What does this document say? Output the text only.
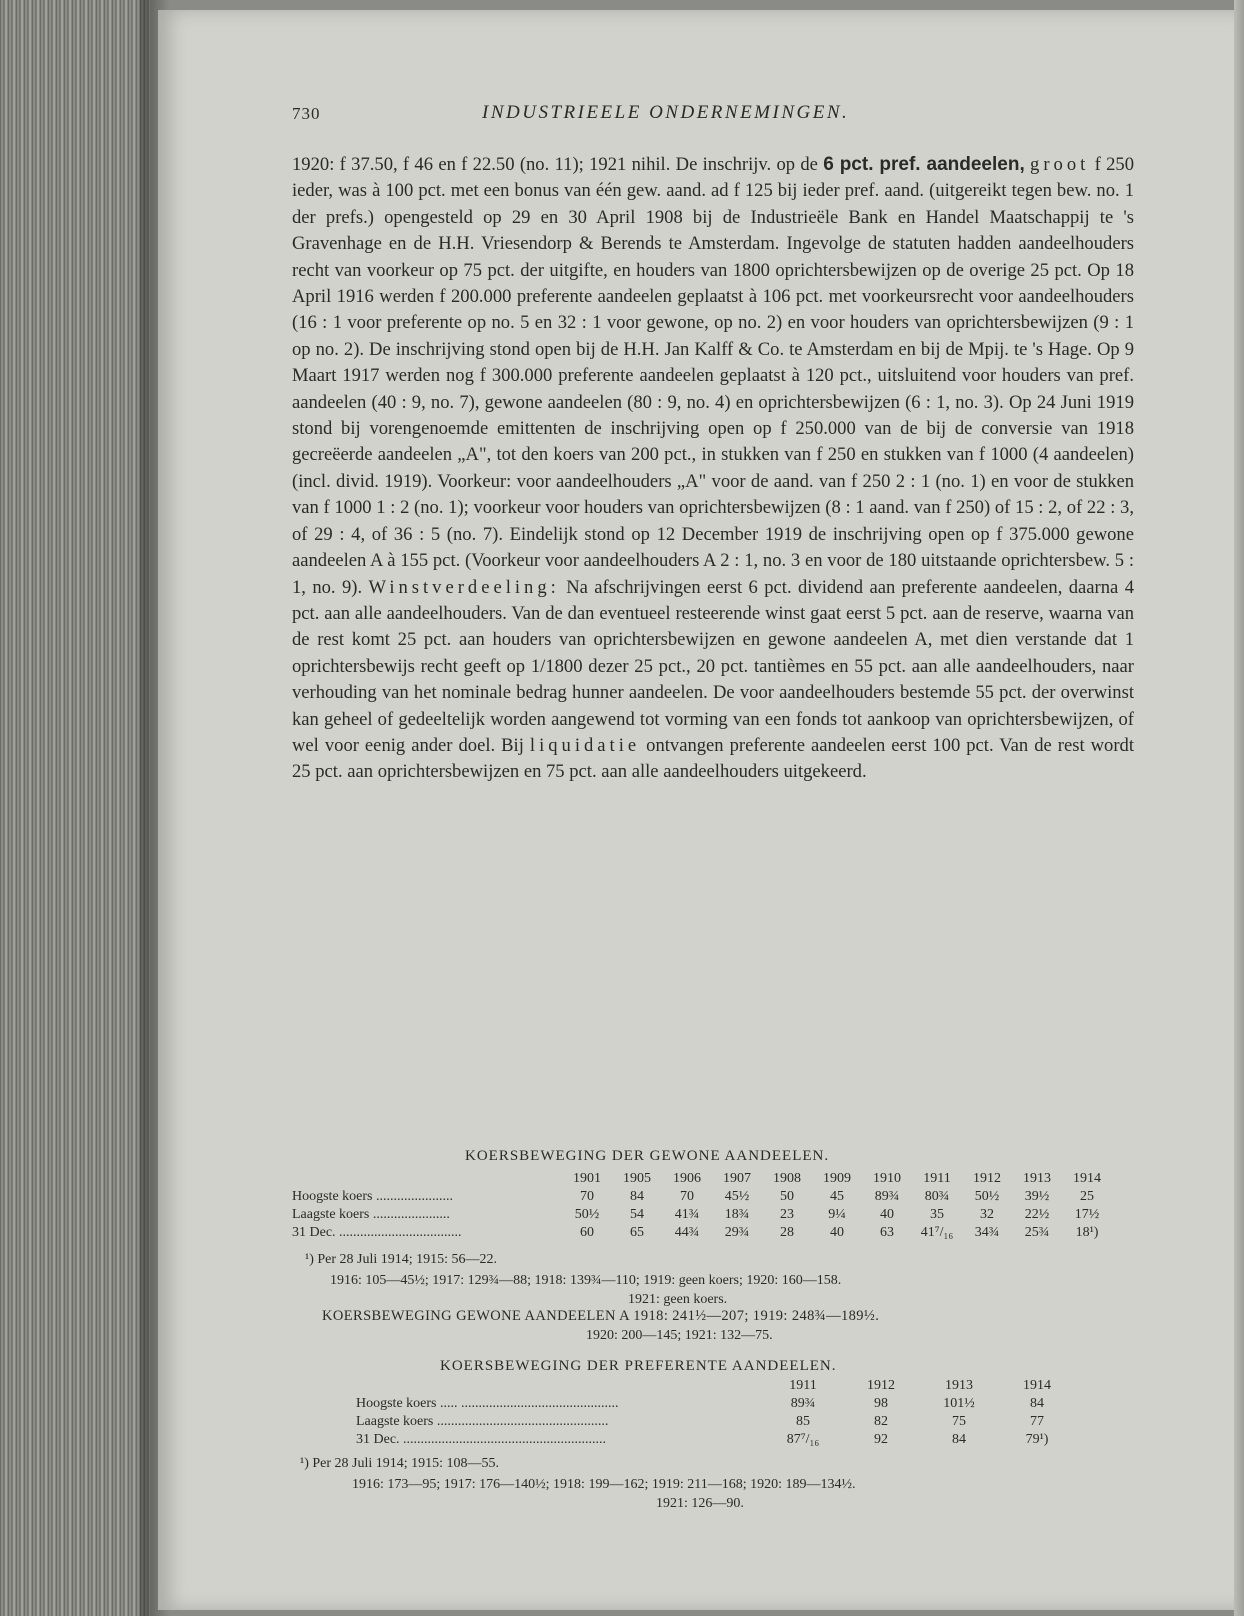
730	INDUSTRIEELE ONDERNEMINGEN.

1920: f 37.50, f 46 en f 22.50 (no. 11); 1921 nihil. De inschrijv. op de 6 pct. pref. aandeelen, groot f 250 ieder, was à 100 pct. met een bonus van één gew. aand. ad f 125 bij ieder pref. aand. (uitgereikt tegen bew. no. 1 der prefs.) opengesteld op 29 en 30 April 1908 bij de Industrieële Bank en Handel Maatschappij te 's Gravenhage en de H.H. Vriesendorp & Berends te Amsterdam. Ingevolge de statuten hadden aandeelhouders recht van voorkeur op 75 pct. der uitgifte, en houders van 1800 oprichtersbewijzen op de overige 25 pct. Op 18 April 1916 werden f 200.000 preferente aandeelen geplaatst à 106 pct. met voorkeursrecht voor aandeelhouders (16 : 1 voor preferente op no. 5 en 32 : 1 voor gewone, op no. 2) en voor houders van oprichtersbewijzen (9 : 1 op no. 2). De inschrijving stond open bij de H.H. Jan Kalff & Co. te Amsterdam en bij de Mpij. te 's Hage. Op 9 Maart 1917 werden nog f 300.000 preferente aandeelen geplaatst à 120 pct., uitsluitend voor houders van pref. aandeelen (40 : 9, no. 7), gewone aandeelen (80 : 9, no. 4) en oprichtersbewijzen (6 : 1, no. 3). Op 24 Juni 1919 stond bij vorengenoemde emittenten de inschrijving open op f 250.000 van de bij de conversie van 1918 gecreëerde aandeelen „A", tot den koers van 200 pct., in stukken van f 250 en stukken van f 1000 (4 aandeelen) (incl. divid. 1919). Voorkeur: voor aandeelhouders „A" voor de aand. van f 250 2 : 1 (no. 1) en voor de stukken van f 1000 1 : 2 (no. 1); voorkeur voor houders van oprichtersbewijzen (8 : 1 aand. van f 250) of 15 : 2, of 22 : 3, of 29 : 4, of 36 : 5 (no. 7). Eindelijk stond op 12 December 1919 de inschrijving open op f 375.000 gewone aandeelen A à 155 pct. (Voorkeur voor aandeelhouders A 2 : 1, no. 3 en voor de 180 uitstaande oprichtersbew. 5 : 1, no. 9). Winstverdeeling: Na afschrijvingen eerst 6 pct. dividend aan preferente aandeelen, daarna 4 pct. aan alle aandeelhouders. Van de dan eventueel resteerende winst gaat eerst 5 pct. aan de reserve, waarna van de rest komt 25 pct. aan houders van oprichtersbewijzen en gewone aandeelen A, met dien verstande dat 1 oprichtersbewijs recht geeft op 1/1800 dezer 25 pct., 20 pct. tantièmes en 55 pct. aan alle aandeelhouders, naar verhouding van het nominale bedrag hunner aandeelen. De voor aandeelhouders bestemde 55 pct. der overwinst kan geheel of gedeeltelijk worden aangewend tot vorming van een fonds tot aankoop van oprichtersbewijzen, of wel voor eenig ander doel. Bij liquidatie ontvangen preferente aandeelen eerst 100 pct. Van de rest wordt 25 pct. aan oprichtersbewijzen en 75 pct. aan alle aandeelhouders uitgekeerd.

KOERSBEWEGING DER GEWONE AANDEELEN.
	1901	1905	1906	1907	1908	1909	1910	1911	1912	1913	1914
Hoogste koers ......................	70	84	70	45½	50	45	89¾	80¾	50½	39½	25
Laagste koers ......................	50½	54	41¾	18¾	23	9¼	40	35	32	22½	17½
31 Dec. ...................................	60	65	44¾	29¾	28	40	63	41⁷/₁₆	34¾	25¾	18¹)
¹) Per 28 Juli 1914; 1915: 56—22.
1916: 105—45½; 1917: 129¾—88; 1918: 139¾—110; 1919: geen koers; 1920: 160—158.
1921: geen koers.
KOERSBEWEGING GEWONE AANDEELEN A 1918: 241½—207; 1919: 248¾—189½.
1920: 200—145; 1921: 132—75.
KOERSBEWEGING DER PREFERENTE AANDEELEN.
	1911	1912	1913	1914
Hoogste koers ..... .............................................	89¾	98	101½	84
Laagste koers .................................................	85	82	75	77
31 Dec. ..........................................................	87⁷/₁₆	92	84	79¹)
¹) Per 28 Juli 1914; 1915: 108—55.
1916: 173—95; 1917: 176—140½; 1918: 199—162; 1919: 211—168; 1920: 189—134½.
1921: 126—90.
